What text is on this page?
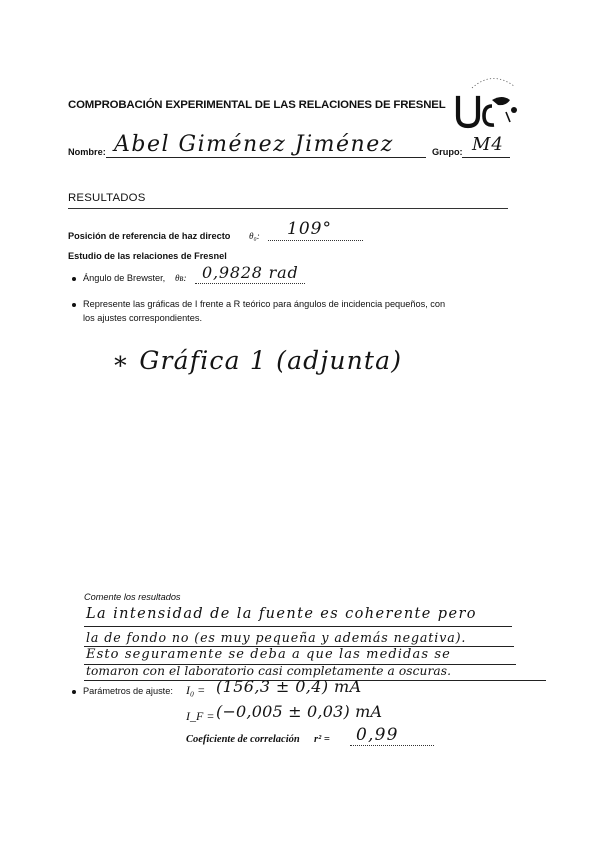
COMPROBACIÓN EXPERIMENTAL DE LAS RELACIONES DE FRESNEL
Nombre: Abel Giménez Jiménez	Grupo: M4
RESULTADOS
Posición de referencia de haz directo θ₀: 109°
Estudio de las relaciones de Fresnel
Ángulo de Brewster, θʙ: 0,9828 rad
Represente las gráficas de I frente a R teórico para ángulos de incidencia pequeños, con
los ajustes correspondientes.
∗ Gráfica 1 (adjunta)
Comente los resultados
La intensidad de la fuente es coherente pero
la de fondo no (es muy pequeña y además negativa).
Esto seguramente se deba a que las medidas se
tomaron con el laboratorio casi completamente a oscuras.
Parámetros de ajuste: I₀ = (156,3 ± 0,4) mA
I_F = (−0,005 ± 0,03) mA
Coeficiente de correlación r² = 0,99
